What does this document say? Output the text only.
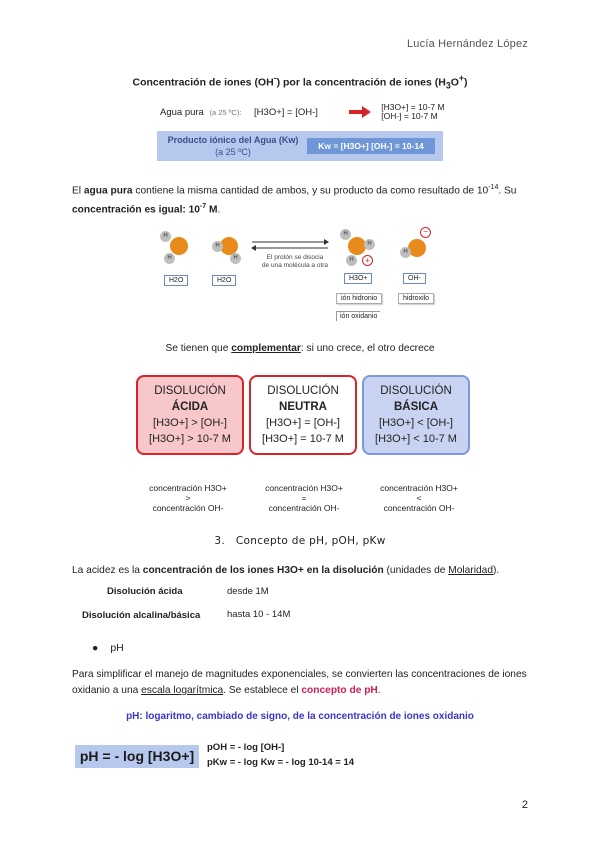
Lucía Hernández López
Concentración de iones (OH-) por la concentración de iones $(H_3O^+)$
Agua pura (a 25 ºC): [H3O+] = [OH-]	[H3O+] = 10-7 M
[OH-] = 10-7 M
Producto iónico del Agua (Kw)
(a 25 ºC)
Kw = [H3O+] [OH-] = 10-14
El agua pura contiene la misma cantidad de ambos, y su producto da como resultado de $10^{-14}$. Su concentración es igual: $10^{-7}$ M.
H
H
H
H
H2O	H2O
El protón se disocia
de una molécula a otra
H
H
H	+
H3O+
H
−
OH-
ión hidronio	hidroxilo
ión oxidanio
Se tienen que complementar: si uno crece, el otro decrece
DISOLUCIÓN
ÁCIDA
[H3O+] > [OH-]
[H3O+] > 10-7 M
DISOLUCIÓN
NEUTRA
[H3O+] = [OH-]
[H3O+] = 10-7 M
DISOLUCIÓN
BÁSICA
[H3O+] < [OH-]
[H3O+] < 10-7 M
concentración H3O+
>
concentración OH-
concentración H3O+
=
concentración OH-
concentración H3O+
<
concentración OH-
3. Concepto de pH, pOH, pKw
La acidez es la concentración de los iones H3O+ en la disolución (unidades de Molaridad).
Disolución ácida	desde 1M
Disolución alcalina/básica	hasta 10 - 14M
● pH
Para simplificar el manejo de magnitudes exponenciales, se convierten las concentraciones de iones oxidanio a una escala logarítmica. Se establece el concepto de pH.
pH: logaritmo, cambiado de signo, de la concentración de iones oxidanio
pH = - log [H3O+]
pOH = - log [OH-]
pKw = - log Kw = - log 10-14 = 14
2
